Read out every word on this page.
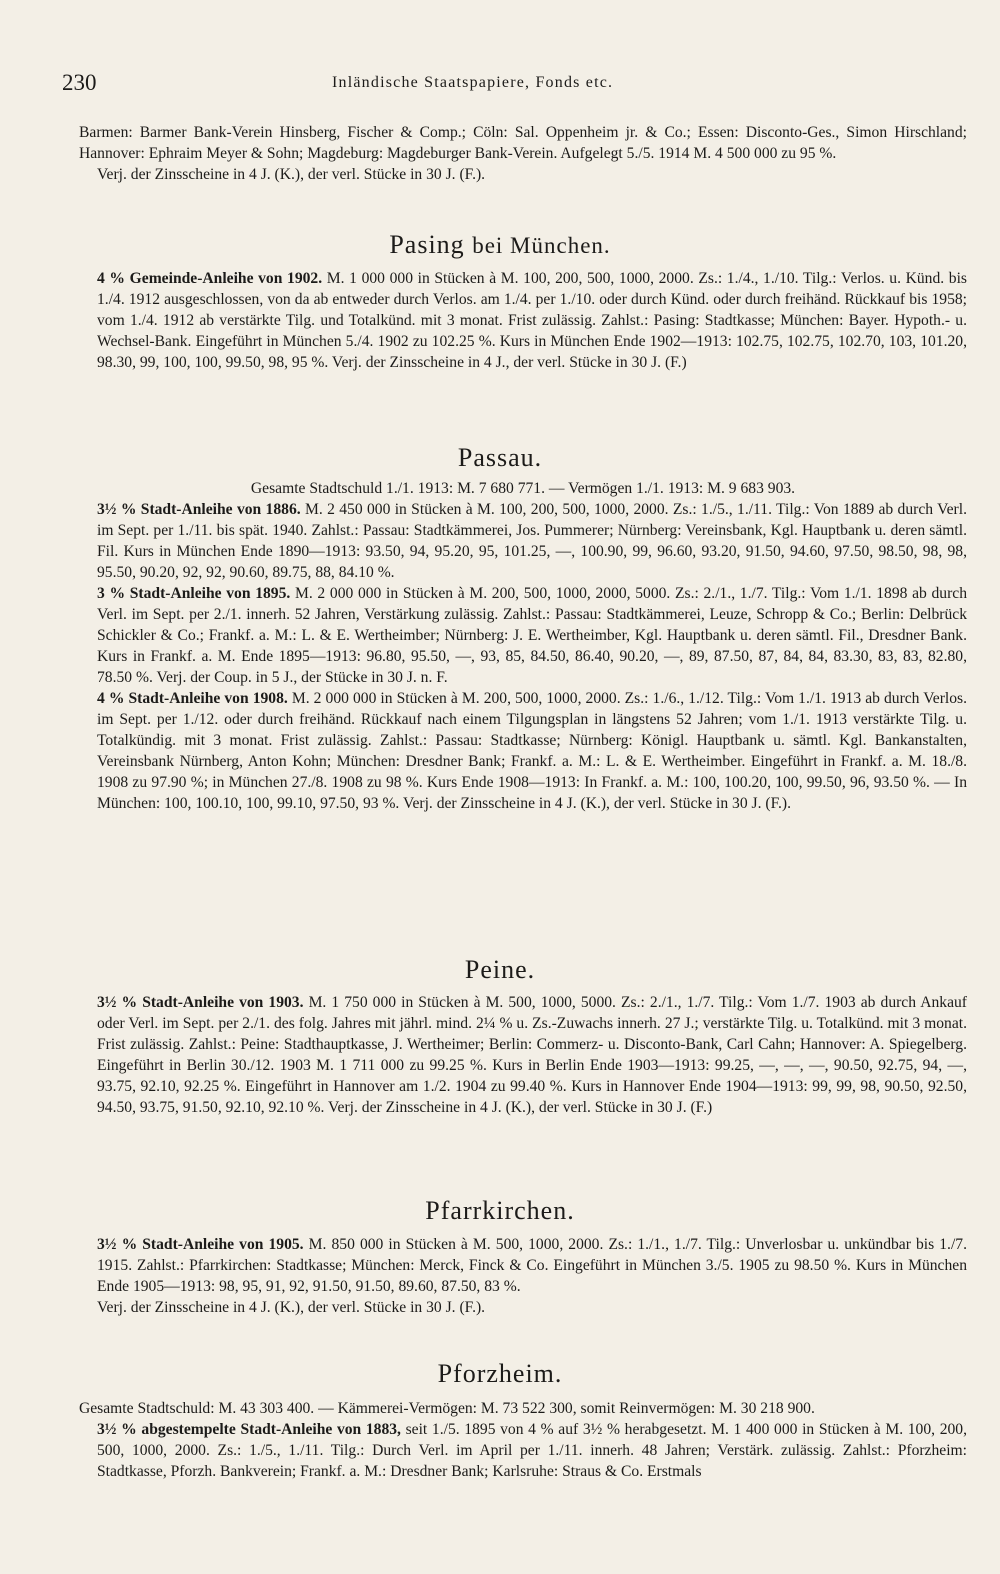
230	Inländische Staatspapiere, Fonds etc.
Barmen: Barmer Bank-Verein Hinsberg, Fischer & Comp.; Cöln: Sal. Oppenheim jr. & Co.; Essen: Disconto-Ges., Simon Hirschland; Hannover: Ephraim Meyer & Sohn; Magdeburg: Magdeburger Bank-Verein. Aufgelegt 5./5. 1914 M. 4 500 000 zu 95 %.
Verj. der Zinsscheine in 4 J. (K.), der verl. Stücke in 30 J. (F.).
Pasing bei München.
4 % Gemeinde-Anleihe von 1902. M. 1 000 000 in Stücken à M. 100, 200, 500, 1000, 2000. Zs.: 1./4., 1./10. Tilg.: Verlos. u. Künd. bis 1./4. 1912 ausgeschlossen, von da ab entweder durch Verlos. am 1./4. per 1./10. oder durch Künd. oder durch freihänd. Rückkauf bis 1958; vom 1./4. 1912 ab verstärkte Tilg. und Totalkünd. mit 3 monat. Frist zulässig. Zahlst.: Pasing: Stadtkasse; München: Bayer. Hypoth.- u. Wechsel-Bank. Eingeführt in München 5./4. 1902 zu 102.25 %. Kurs in München Ende 1902—1913: 102.75, 102.75, 102.70, 103, 101.20, 98.30, 99, 100, 100, 99.50, 98, 95 %. Verj. der Zinsscheine in 4 J., der verl. Stücke in 30 J. (F.)
Passau.
Gesamte Stadtschuld 1./1. 1913: M. 7 680 771. — Vermögen 1./1. 1913: M. 9 683 903.
3½ % Stadt-Anleihe von 1886. M. 2 450 000 in Stücken à M. 100, 200, 500, 1000, 2000. Zs.: 1./5., 1./11. Tilg.: Von 1889 ab durch Verl. im Sept. per 1./11. bis spät. 1940. Zahlst.: Passau: Stadtkämmerei, Jos. Pummerer; Nürnberg: Vereinsbank, Kgl. Hauptbank u. deren sämtl. Fil. Kurs in München Ende 1890—1913: 93.50, 94, 95.20, 95, 101.25, —, 100.90, 99, 96.60, 93.20, 91.50, 94.60, 97.50, 98.50, 98, 98, 95.50, 90.20, 92, 92, 90.60, 89.75, 88, 84.10 %.
3 % Stadt-Anleihe von 1895. M. 2 000 000 in Stücken à M. 200, 500, 1000, 2000, 5000. Zs.: 2./1., 1./7. Tilg.: Vom 1./1. 1898 ab durch Verl. im Sept. per 2./1. innerh. 52 Jahren, Verstärkung zulässig. Zahlst.: Passau: Stadtkämmerei, Leuze, Schropp & Co.; Berlin: Delbrück Schickler & Co.; Frankf. a. M.: L. & E. Wertheimber; Nürnberg: J. E. Wertheimber, Kgl. Hauptbank u. deren sämtl. Fil., Dresdner Bank. Kurs in Frankf. a. M. Ende 1895—1913: 96.80, 95.50, —, 93, 85, 84.50, 86.40, 90.20, —, 89, 87.50, 87, 84, 84, 83.30, 83, 83, 82.80, 78.50 %. Verj. der Coup. in 5 J., der Stücke in 30 J. n. F.
4 % Stadt-Anleihe von 1908. M. 2 000 000 in Stücken à M. 200, 500, 1000, 2000. Zs.: 1./6., 1./12. Tilg.: Vom 1./1. 1913 ab durch Verlos. im Sept. per 1./12. oder durch freihänd. Rückkauf nach einem Tilgungsplan in längstens 52 Jahren; vom 1./1. 1913 verstärkte Tilg. u. Totalkündig. mit 3 monat. Frist zulässig. Zahlst.: Passau: Stadtkasse; Nürnberg: Königl. Hauptbank u. sämtl. Kgl. Bankanstalten, Vereinsbank Nürnberg, Anton Kohn; München: Dresdner Bank; Frankf. a. M.: L. & E. Wertheimber. Eingeführt in Frankf. a. M. 18./8. 1908 zu 97.90 %; in München 27./8. 1908 zu 98 %. Kurs Ende 1908—1913: In Frankf. a. M.: 100, 100.20, 100, 99.50, 96, 93.50 %. — In München: 100, 100.10, 100, 99.10, 97.50, 93 %. Verj. der Zinsscheine in 4 J. (K.), der verl. Stücke in 30 J. (F.).
Peine.
3½ % Stadt-Anleihe von 1903. M. 1 750 000 in Stücken à M. 500, 1000, 5000. Zs.: 2./1., 1./7. Tilg.: Vom 1./7. 1903 ab durch Ankauf oder Verl. im Sept. per 2./1. des folg. Jahres mit jährl. mind. 2¼ % u. Zs.-Zuwachs innerh. 27 J.; verstärkte Tilg. u. Totalkünd. mit 3 monat. Frist zulässig. Zahlst.: Peine: Stadthauptkasse, J. Wertheimer; Berlin: Commerz- u. Disconto-Bank, Carl Cahn; Hannover: A. Spiegelberg. Eingeführt in Berlin 30./12. 1903 M. 1 711 000 zu 99.25 %. Kurs in Berlin Ende 1903—1913: 99.25, —, —, —, 90.50, 92.75, 94, —, 93.75, 92.10, 92.25 %. Eingeführt in Hannover am 1./2. 1904 zu 99.40 %. Kurs in Hannover Ende 1904—1913: 99, 99, 98, 90.50, 92.50, 94.50, 93.75, 91.50, 92.10, 92.10 %. Verj. der Zinsscheine in 4 J. (K.), der verl. Stücke in 30 J. (F.)
Pfarrkirchen.
3½ % Stadt-Anleihe von 1905. M. 850 000 in Stücken à M. 500, 1000, 2000. Zs.: 1./1., 1./7. Tilg.: Unverlosbar u. unkündbar bis 1./7. 1915. Zahlst.: Pfarrkirchen: Stadtkasse; München: Merck, Finck & Co. Eingeführt in München 3./5. 1905 zu 98.50 %. Kurs in München Ende 1905—1913: 98, 95, 91, 92, 91.50, 91.50, 89.60, 87.50, 83 %.
Verj. der Zinsscheine in 4 J. (K.), der verl. Stücke in 30 J. (F.).
Pforzheim.
Gesamte Stadtschuld: M. 43 303 400. — Kämmerei-Vermögen: M. 73 522 300, somit Reinvermögen: M. 30 218 900.
3½ % abgestempelte Stadt-Anleihe von 1883, seit 1./5. 1895 von 4 % auf 3½ % herabgesetzt. M. 1 400 000 in Stücken à M. 100, 200, 500, 1000, 2000. Zs.: 1./5., 1./11. Tilg.: Durch Verl. im April per 1./11. innerh. 48 Jahren; Verstärk. zulässig. Zahlst.: Pforzheim: Stadtkasse, Pforzh. Bankverein; Frankf. a. M.: Dresdner Bank; Karlsruhe: Straus & Co. Erstmals
